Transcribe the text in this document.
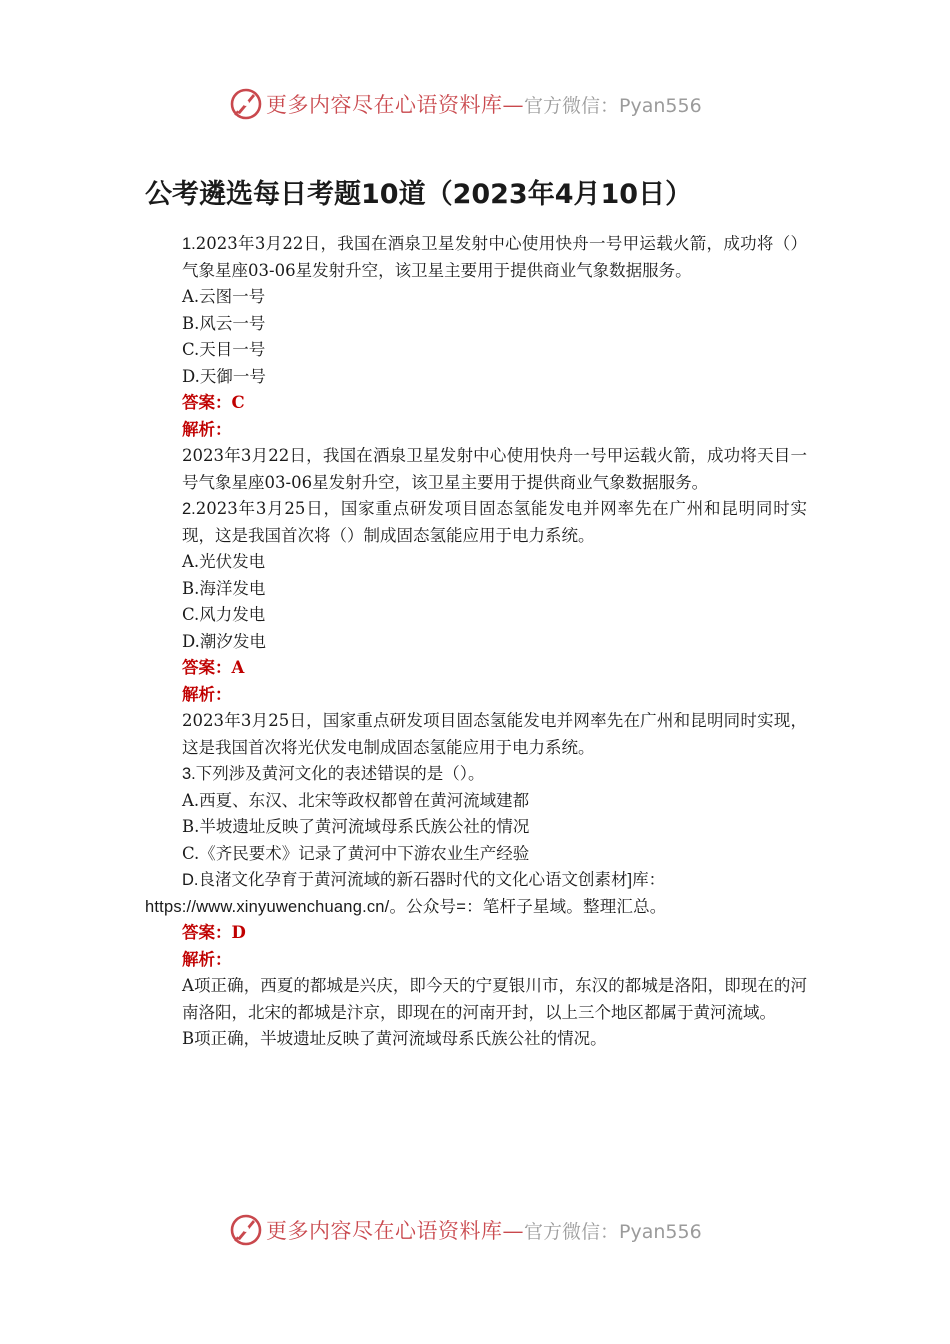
更多内容尽在心语资料库— 官方微信：Pyan556
公考遴选每日考题10道（2023年4月10日）

1.2023年3月22日，我国在酒泉卫星发射中心使用快舟一号甲运载火箭，成功将（）气象星座03-06星发射升空，该卫星主要用于提供商业气象数据服务。

A.云图一号

B.风云一号

C.天目一号

D.天御一号

答案：C

解析：

2023年3月22日，我国在酒泉卫星发射中心使用快舟一号甲运载火箭，成功将天目一号气象星座03-06星发射升空，该卫星主要用于提供商业气象数据服务。

2.2023年3月25日，国家重点研发项目固态氢能发电并网率先在广州和昆明同时实现，这是我国首次将（）制成固态氢能应用于电力系统。

A.光伏发电

B.海洋发电

C.风力发电

D.潮汐发电

答案：A

解析：

2023年3月25日，国家重点研发项目固态氢能发电并网率先在广州和昆明同时实现，这是我国首次将光伏发电制成固态氢能应用于电力系统。

3.下列涉及黄河文化的表述错误的是（）。

A.西夏、东汉、北宋等政权都曾在黄河流域建都

B.半坡遗址反映了黄河流域母系氏族公社的情况

C.《齐民要术》记录了黄河中下游农业生产经验

D.良渚文化孕育于黄河流域的新石器时代的文化心语文创素材]库：

https://www.xinyuwenchuang.cn/。公众号=：笔杆子星域。整理汇总。

答案：D

解析：

A项正确，西夏的都城是兴庆，即今天的宁夏银川市，东汉的都城是洛阳，即现在的河南洛阳，北宋的都城是汴京，即现在的河南开封，以上三个地区都属于黄河流域。

B项正确，半坡遗址反映了黄河流域母系氏族公社的情况。

更多内容尽在心语资料库— 官方微信：Pyan556
